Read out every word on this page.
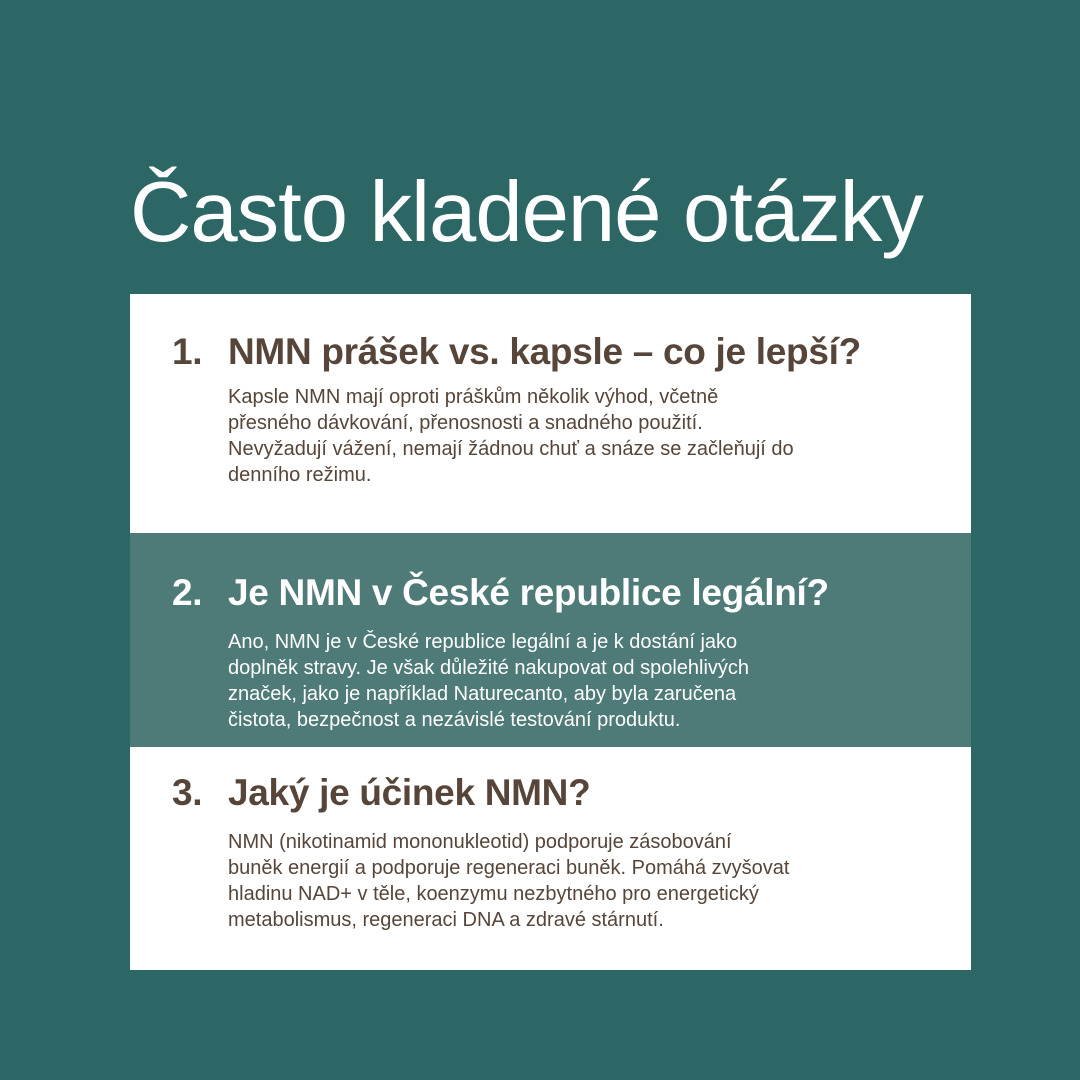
Často kladené otázky
1. NMN prášek vs. kapsle – co je lepší?
Kapsle NMN mají oproti práškům několik výhod, včetně
přesného dávkování, přenosnosti a snadného použití.
Nevyžadují vážení, nemají žádnou chuť a snáze se začleňují do
denního režimu.
2. Je NMN v České republice legální?
Ano, NMN je v České republice legální a je k dostání jako
doplněk stravy. Je však důležité nakupovat od spolehlivých
značek, jako je například Naturecanto, aby byla zaručena
čistota, bezpečnost a nezávislé testování produktu.
3. Jaký je účinek NMN?
NMN (nikotinamid mononukleotid) podporuje zásobování
buněk energií a podporuje regeneraci buněk. Pomáhá zvyšovat
hladinu NAD+ v těle, koenzymu nezbytného pro energetický
metabolismus, regeneraci DNA a zdravé stárnutí.
